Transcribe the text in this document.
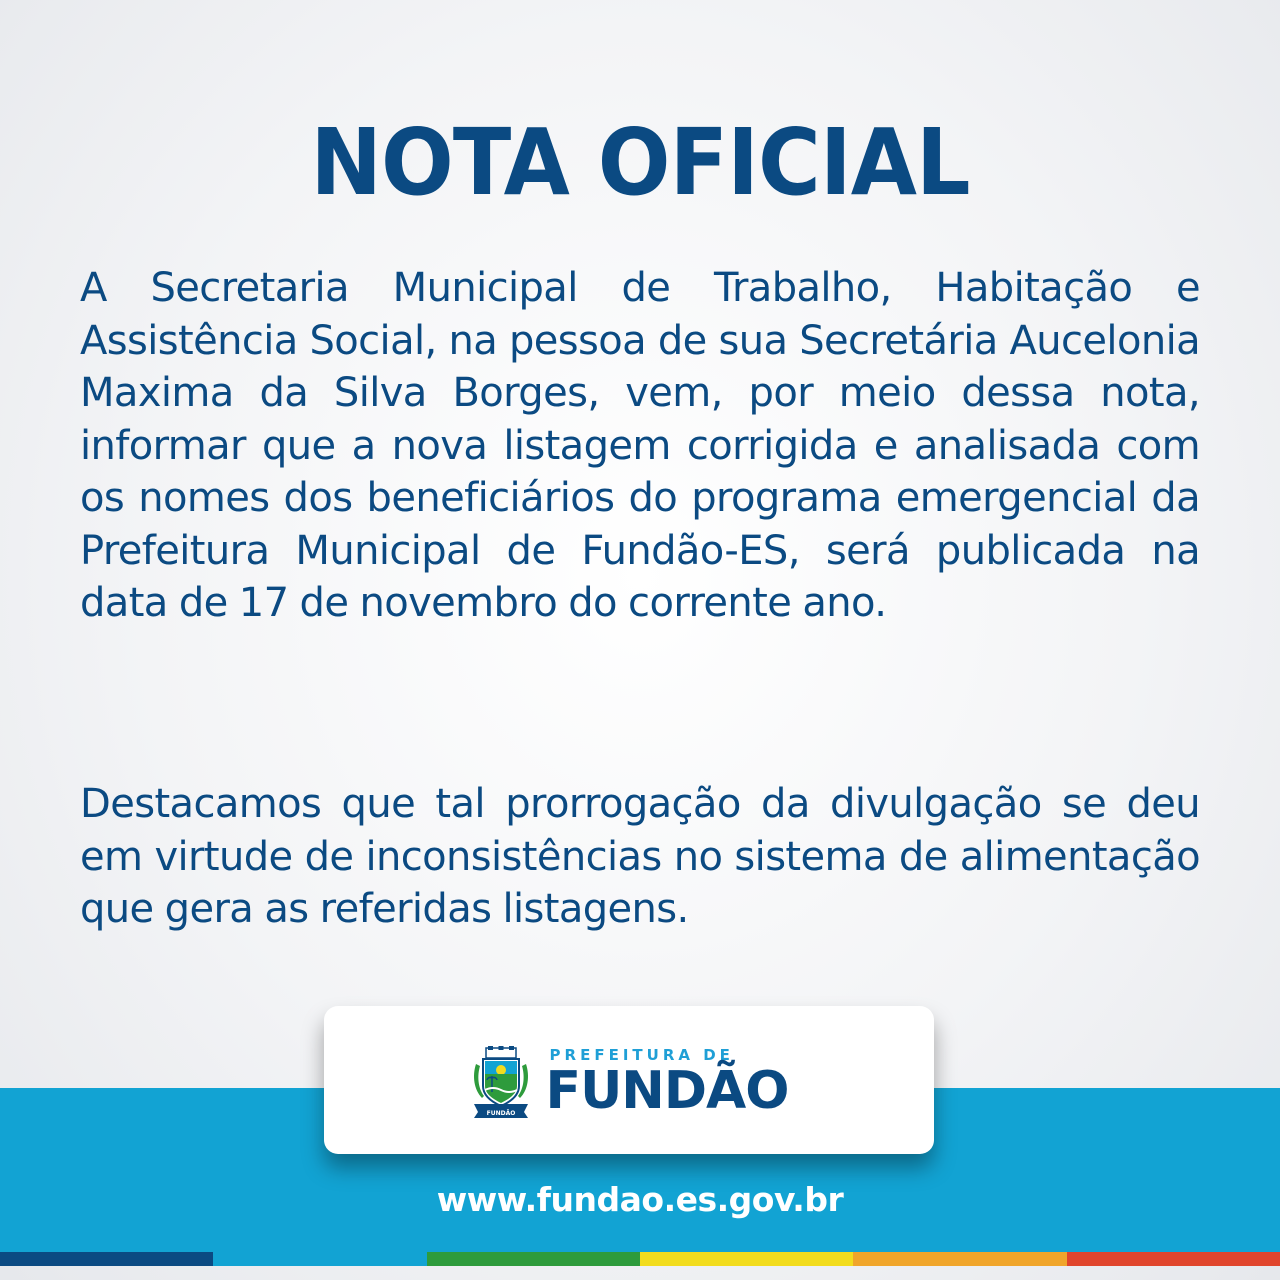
NOTA OFICIAL

A Secretaria Municipal de Trabalho, Habitação e Assistência Social, na pessoa de sua Secretária Aucelonia Maxima da Silva Borges, vem, por meio dessa nota, informar que a nova listagem corrigida e analisada com os nomes dos beneficiários do programa emergencial da Prefeitura Municipal de Fundão-ES, será publicada na data de 17 de novembro do corrente ano.

Destacamos que tal prorrogação da divulgação se deu em virtude de inconsistências no sistema de alimentação que gera as referidas listagens.

FUNDÃO
PREFEITURA DE
FUNDÃO
www.fundao.es.gov.br
